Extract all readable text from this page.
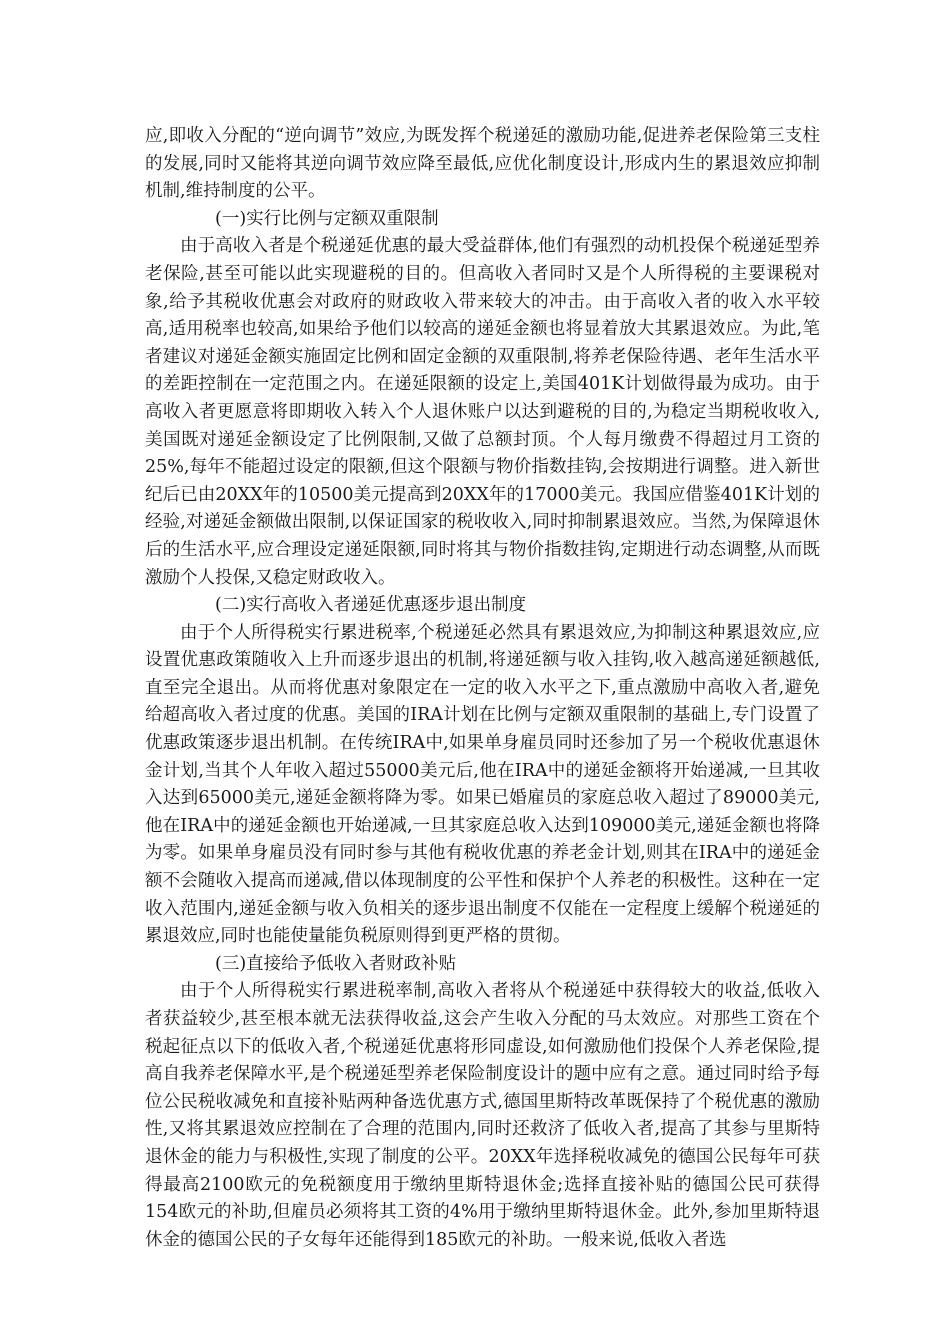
应,即收入分配的“逆向调节”效应,为既发挥个税递延的激励功能,促进养老保险第三支柱的发展,同时又能将其逆向调节效应降至最低,应优化制度设计,形成内生的累退效应抑制机制,维持制度的公平。

(一)实行比例与定额双重限制

由于高收入者是个税递延优惠的最大受益群体,他们有强烈的动机投保个税递延型养老保险,甚至可能以此实现避税的目的。但高收入者同时又是个人所得税的主要课税对象,给予其税收优惠会对政府的财政收入带来较大的冲击。由于高收入者的收入水平较高,适用税率也较高,如果给予他们以较高的递延金额也将显着放大其累退效应。为此,笔者建议对递延金额实施固定比例和固定金额的双重限制,将养老保险待遇、老年生活水平的差距控制在一定范围之内。在递延限额的设定上,美国401K计划做得最为成功。由于高收入者更愿意将即期收入转入个人退休账户以达到避税的目的,为稳定当期税收收入,美国既对递延金额设定了比例限制,又做了总额封顶。个人每月缴费不得超过月工资的25%,每年不能超过设定的限额,但这个限额与物价指数挂钩,会按期进行调整。进入新世纪后已由20XX年的10500美元提高到20XX年的17000美元。我国应借鉴401K计划的经验,对递延金额做出限制,以保证国家的税收收入,同时抑制累退效应。当然,为保障退休后的生活水平,应合理设定递延限额,同时将其与物价指数挂钩,定期进行动态调整,从而既激励个人投保,又稳定财政收入。

(二)实行高收入者递延优惠逐步退出制度

由于个人所得税实行累进税率,个税递延必然具有累退效应,为抑制这种累退效应,应设置优惠政策随收入上升而逐步退出的机制,将递延额与收入挂钩,收入越高递延额越低,直至完全退出。从而将优惠对象限定在一定的收入水平之下,重点激励中高收入者,避免给超高收入者过度的优惠。美国的IRA计划在比例与定额双重限制的基础上,专门设置了优惠政策逐步退出机制。在传统IRA中,如果单身雇员同时还参加了另一个税收优惠退休金计划,当其个人年收入超过55000美元后,他在IRA中的递延金额将开始递减,一旦其收入达到65000美元,递延金额将降为零。如果已婚雇员的家庭总收入超过了89000美元,他在IRA中的递延金额也开始递减,一旦其家庭总收入达到109000美元,递延金额也将降为零。如果单身雇员没有同时参与其他有税收优惠的养老金计划,则其在IRA中的递延金额不会随收入提高而递减,借以体现制度的公平性和保护个人养老的积极性。这种在一定收入范围内,递延金额与收入负相关的逐步退出制度不仅能在一定程度上缓解个税递延的累退效应,同时也能使量能负税原则得到更严格的贯彻。

(三)直接给予低收入者财政补贴

由于个人所得税实行累进税率制,高收入者将从个税递延中获得较大的收益,低收入者获益较少,甚至根本就无法获得收益,这会产生收入分配的马太效应。对那些工资在个税起征点以下的低收入者,个税递延优惠将形同虚设,如何激励他们投保个人养老保险,提高自我养老保障水平,是个税递延型养老保险制度设计的题中应有之意。通过同时给予每位公民税收减免和直接补贴两种备选优惠方式,德国里斯特改革既保持了个税优惠的激励性,又将其累退效应控制在了合理的范围内,同时还救济了低收入者,提高了其参与里斯特退休金的能力与积极性,实现了制度的公平。20XX年选择税收减免的德国公民每年可获得最高2100欧元的免税额度用于缴纳里斯特退休金;选择直接补贴的德国公民可获得154欧元的补助,但雇员必须将其工资的4%用于缴纳里斯特退休金。此外,参加里斯特退休金的德国公民的子女每年还能得到185欧元的补助。一般来说,低收入者选
